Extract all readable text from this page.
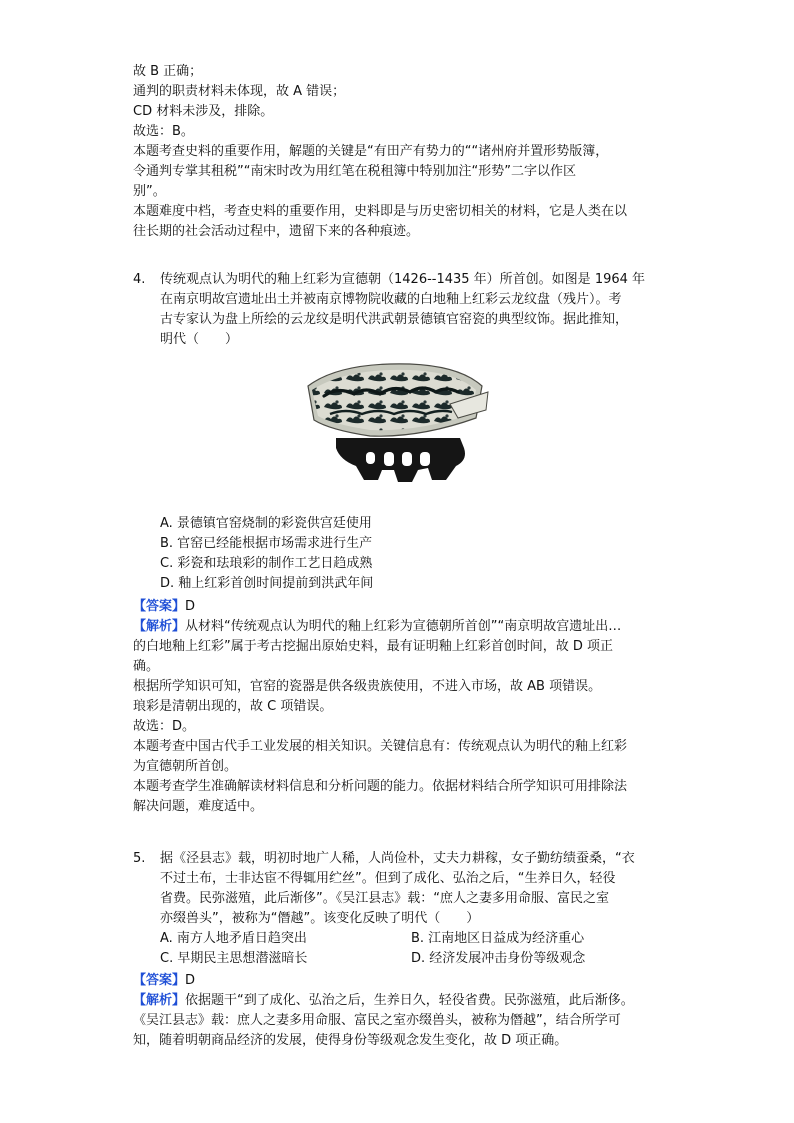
故 B 正确；

通判的职责材料未体现，故 A 错误；

CD 材料未涉及，排除。

故选：B。

本题考查史料的重要作用，解题的关键是“有田产有势力的““诸州府并置形势版簿，

令通判专掌其租税”“南宋时改为用红笔在税租簿中特别加注“形势”二字以作区

别”。

本题难度中档，考查史料的重要作用，史料即是与历史密切相关的材料，它是人类在以

往长期的社会活动过程中，遗留下来的各种痕迹。

4. 传统观点认为明代的釉上红彩为宣德朝（1426--1435 年）所首创。如图是 1964 年

在南京明故宫遗址出土并被南京博物院收藏的白地釉上红彩云龙纹盘（残片）。考

古专家认为盘上所绘的云龙纹是明代洪武朝景德镇官窑瓷的典型纹饰。据此推知，

明代（　　）

A. 景德镇官窑烧制的彩瓷供宫廷使用
B. 官窑已经能根据市场需求进行生产
C. 彩瓷和珐琅彩的制作工艺日趋成熟
D. 釉上红彩首创时间提前到洪武年间

【答案】D

【解析】从材料“传统观点认为明代的釉上红彩为宣德朝所首创”“南京明故宫遗址出…

的白地釉上红彩”属于考古挖掘出原始史料，最有证明釉上红彩首创时间，故 D 项正

确。

根据所学知识可知，官窑的瓷器是供各级贵族使用，不进入市场，故 AB 项错误。

琅彩是清朝出现的，故 C 项错误。

故选：D。

本题考查中国古代手工业发展的相关知识。关键信息有：传统观点认为明代的釉上红彩

为宣德朝所首创。

本题考查学生准确解读材料信息和分析问题的能力。依据材料结合所学知识可用排除法

解决问题，难度适中。

5. 据《泾县志》载，明初时地广人稀，人尚俭朴，丈夫力耕稼，女子勤纺绩蚕桑，“衣

不过土布，士非达宦不得辄用纻丝”。但到了成化、弘治之后，“生养日久，轻役

省费。民弥滋殖，此后渐侈”。《吴江县志》载：“庶人之妻多用命服、富民之室

亦缀兽头”，被称为“僭越”。该变化反映了明代（　　）

A. 南方人地矛盾日趋突出	B. 江南地区日益成为经济重心
C. 早期民主思想潜滋暗长	D. 经济发展冲击身份等级观念

【答案】D

【解析】依据题干“到了成化、弘治之后，生养日久，轻役省费。民弥滋殖，此后渐侈。

《吴江县志》载：庶人之妻多用命服、富民之室亦缀兽头，被称为僭越”，结合所学可

知，随着明朝商品经济的发展，使得身份等级观念发生变化，故 D 项正确。
